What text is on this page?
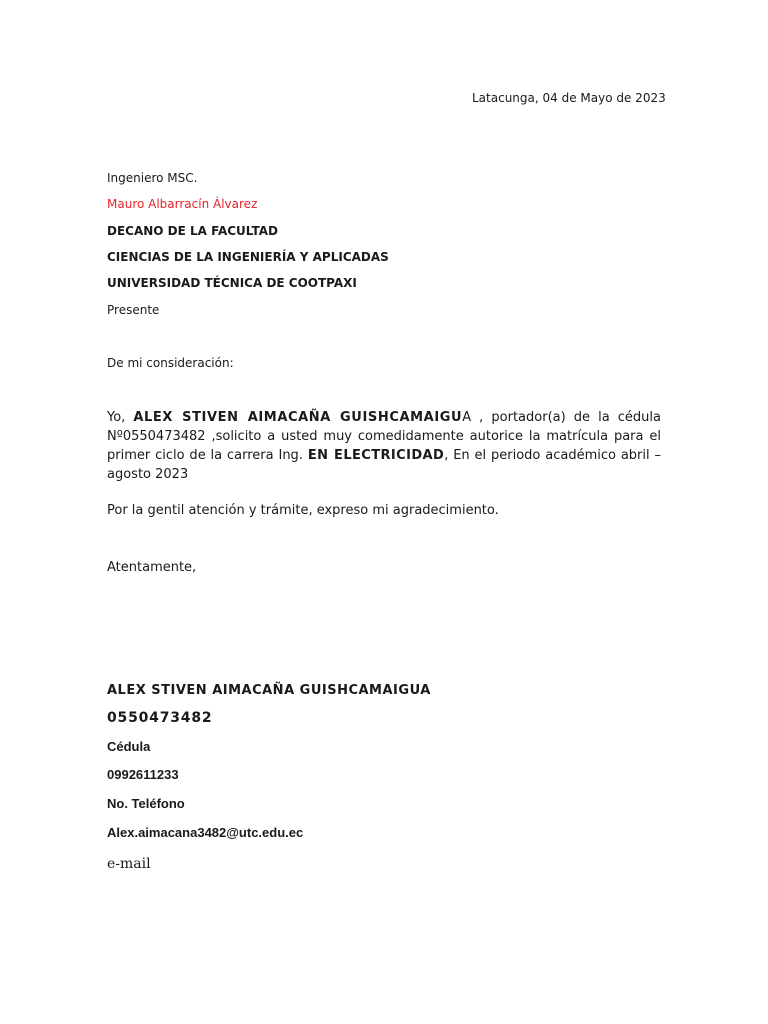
Latacunga, 04 de Mayo de 2023
Ingeniero MSC.
Mauro Albarracín Álvarez
DECANO DE LA FACULTAD
CIENCIAS DE LA INGENIERÍA Y APLICADAS
UNIVERSIDAD TÉCNICA DE COOTPAXI
Presente
De mi consideración:

Yo, ALEX STIVEN AIMACAÑA GUISHCAMAIGUA , portador(a) de la cédula Nº0550473482 ,solicito a usted muy comedidamente autorice la matrícula para el primer ciclo de la carrera Ing. EN ELECTRICIDAD, En el periodo académico abril –agosto 2023

Por la gentil atención y trámite, expreso mi agradecimiento.
Atentamente,
ALEX STIVEN AIMACAÑA GUISHCAMAIGUA
0550473482
Cédula
0992611233
No. Teléfono
Alex.aimacana3482@utc.edu.ec
e-mail
